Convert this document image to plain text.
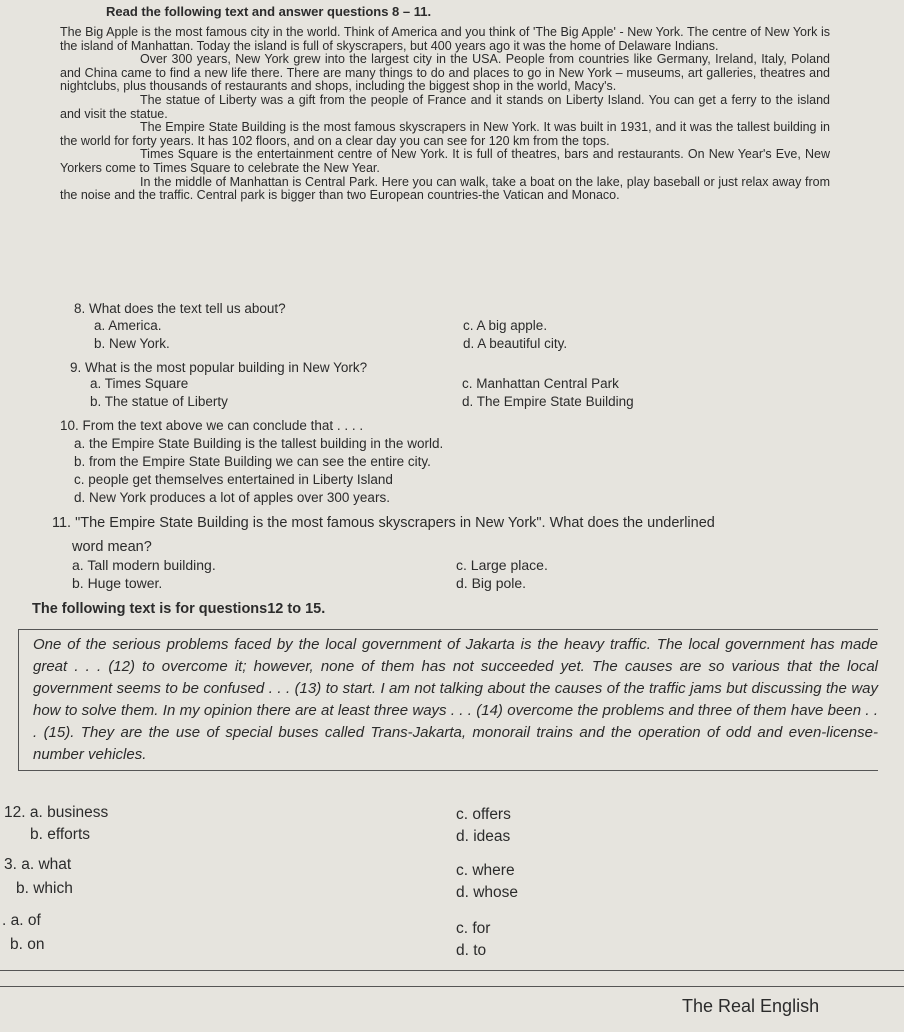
Read the following text and answer questions 8 – 11.

The Big Apple is the most famous city in the world. Think of America and you think of 'The Big Apple' - New York. The centre of New York is the island of Manhattan. Today the island is full of skyscrapers, but 400 years ago it was the home of Delaware Indians.

Over 300 years, New York grew into the largest city in the USA. People from countries like Germany, Ireland, Italy, Poland and China came to find a new life there. There are many things to do and places to go in New York – museums, art galleries, theatres and nightclubs, plus thousands of restaurants and shops, including the biggest shop in the world, Macy's.

The statue of Liberty was a gift from the people of France and it stands on Liberty Island. You can get a ferry to the island and visit the statue.

The Empire State Building is the most famous skyscrapers in New York. It was built in 1931, and it was the tallest building in the world for forty years. It has 102 floors, and on a clear day you can see for 120 km from the tops.

Times Square is the entertainment centre of New York. It is full of theatres, bars and restaurants. On New Year's Eve, New Yorkers come to Times Square to celebrate the New Year.

In the middle of Manhattan is Central Park. Here you can walk, take a boat on the lake, play baseball or just relax away from the noise and the traffic. Central park is bigger than two European countries-the Vatican and Monaco.

8. What does the text tell us about?
a. America.
b. New York.
c. A big apple.
d. A beautiful city.
9. What is the most popular building in New York?
a. Times Square
b. The statue of Liberty
c. Manhattan Central Park
d. The Empire State Building
10. From the text above we can conclude that . . . .
a. the Empire State Building is the tallest building in the world.
b. from the Empire State Building we can see the entire city.
c. people get themselves entertained in Liberty Island
d. New York produces a lot of apples over 300 years.
11. "The Empire State Building is the most famous skyscrapers in New York". What does the underlined
word mean?
a. Tall modern building.
b. Huge tower.
c. Large place.
d. Big pole.
The following text is for questions12 to 15.
One of the serious problems faced by the local government of Jakarta is the heavy traffic. The local government has made great . . . (12) to overcome it; however, none of them has not succeeded yet. The causes are so various that the local government seems to be confused . . . (13) to start. I am not talking about the causes of the traffic jams but discussing the way how to solve them. In my opinion there are at least three ways . . . (14) overcome the problems and three of them have been . . . (15). They are the use of special buses called Trans-Jakarta, monorail trains and the operation of odd and even-license-number vehicles.
12. a. business
b. efforts
c. offers
d. ideas
3. a. what
b. which
c. where
d. whose
. a. of
b. on
c. for
d. to
The Real English
